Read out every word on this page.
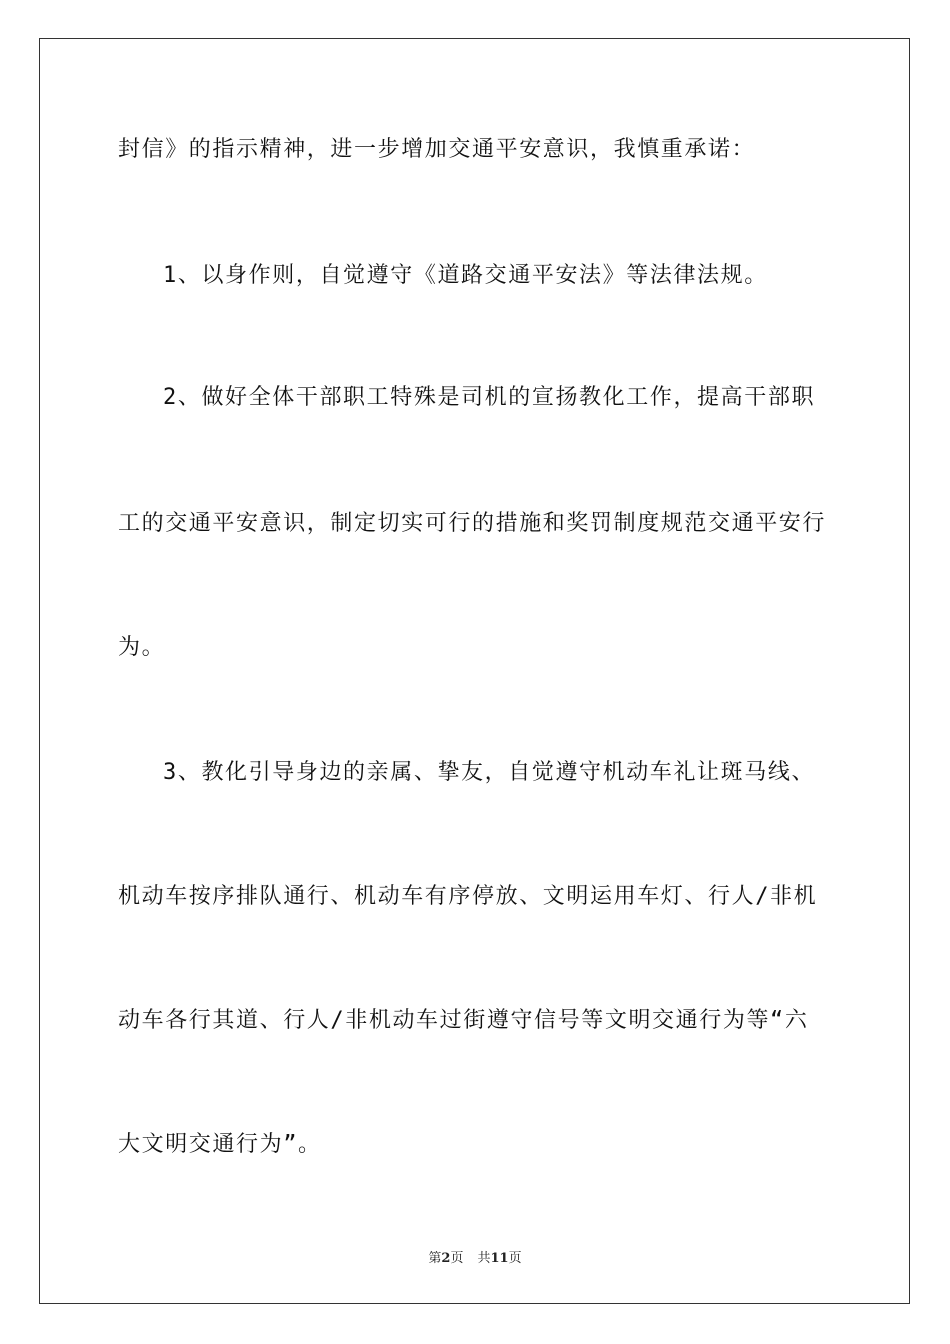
封信》的指示精神，进一步增加交通平安意识，我慎重承诺：
1、以身作则，自觉遵守《道路交通平安法》等法律法规。
2、做好全体干部职工特殊是司机的宣扬教化工作，提高干部职
工的交通平安意识，制定切实可行的措施和奖罚制度规范交通平安行
为。
3、教化引导身边的亲属、挚友，自觉遵守机动车礼让斑马线、
机动车按序排队通行、机动车有序停放、文明运用车灯、行人/非机
动车各行其道、行人/非机动车过街遵守信号等文明交通行为等“六
大文明交通行为”。
第2页 共11页
